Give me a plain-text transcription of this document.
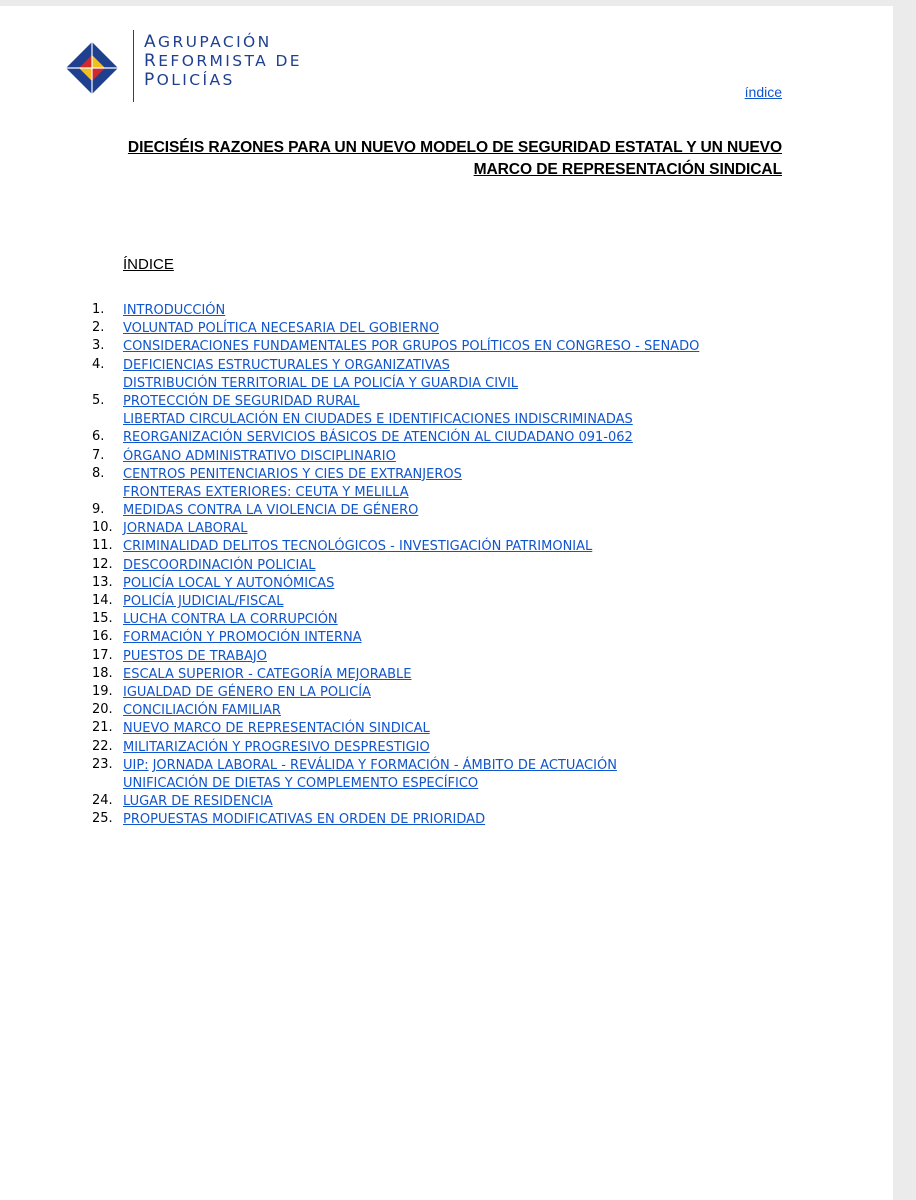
AGRUPACIÓN
REFORMISTA DE
POLICÍAS
índice
DIECISÉIS RAZONES PARA UN NUEVO MODELO DE SEGURIDAD ESTATAL Y UN NUEVO
MARCO DE REPRESENTACIÓN SINDICAL
ÍNDICE
1.	INTRODUCCIÓN
2.	VOLUNTAD POLÍTICA NECESARIA DEL GOBIERNO
3.	CONSIDERACIONES FUNDAMENTALES POR GRUPOS POLÍTICOS EN CONGRESO - SENADO
4.	DEFICIENCIAS ESTRUCTURALES Y ORGANIZATIVAS
DISTRIBUCIÓN TERRITORIAL DE LA POLICÍA Y GUARDIA CIVIL
5.	PROTECCIÓN DE SEGURIDAD RURAL
LIBERTAD CIRCULACIÓN EN CIUDADES E IDENTIFICACIONES INDISCRIMINADAS
6.	REORGANIZACIÓN SERVICIOS BÁSICOS DE ATENCIÓN AL CIUDADANO 091-062
7.	ÓRGANO ADMINISTRATIVO DISCIPLINARIO
8.	CENTROS PENITENCIARIOS Y CIES DE EXTRANJEROS
FRONTERAS EXTERIORES: CEUTA Y MELILLA
9.	MEDIDAS CONTRA LA VIOLENCIA DE GÉNERO
10. JORNADA LABORAL
11. CRIMINALIDAD DELITOS TECNOLÓGICOS - INVESTIGACIÓN PATRIMONIAL
12. DESCOORDINACIÓN POLICIAL
13. POLICÍA LOCAL Y AUTONÓMICAS
14. POLICÍA JUDICIAL/FISCAL
15. LUCHA CONTRA LA CORRUPCIÓN
16. FORMACIÓN Y PROMOCIÓN INTERNA
17. PUESTOS DE TRABAJO
18. ESCALA SUPERIOR - CATEGORÍA MEJORABLE
19. IGUALDAD DE GÉNERO EN LA POLICÍA
20. CONCILIACIÓN FAMILIAR
21. NUEVO MARCO DE REPRESENTACIÓN SINDICAL
22. MILITARIZACIÓN Y PROGRESIVO DESPRESTIGIO
23. UIP: JORNADA LABORAL - REVÁLIDA Y FORMACIÓN - ÁMBITO DE ACTUACIÓN
UNIFICACIÓN DE DIETAS Y COMPLEMENTO ESPECÍFICO
24. LUGAR DE RESIDENCIA
25. PROPUESTAS MODIFICATIVAS EN ORDEN DE PRIORIDAD
